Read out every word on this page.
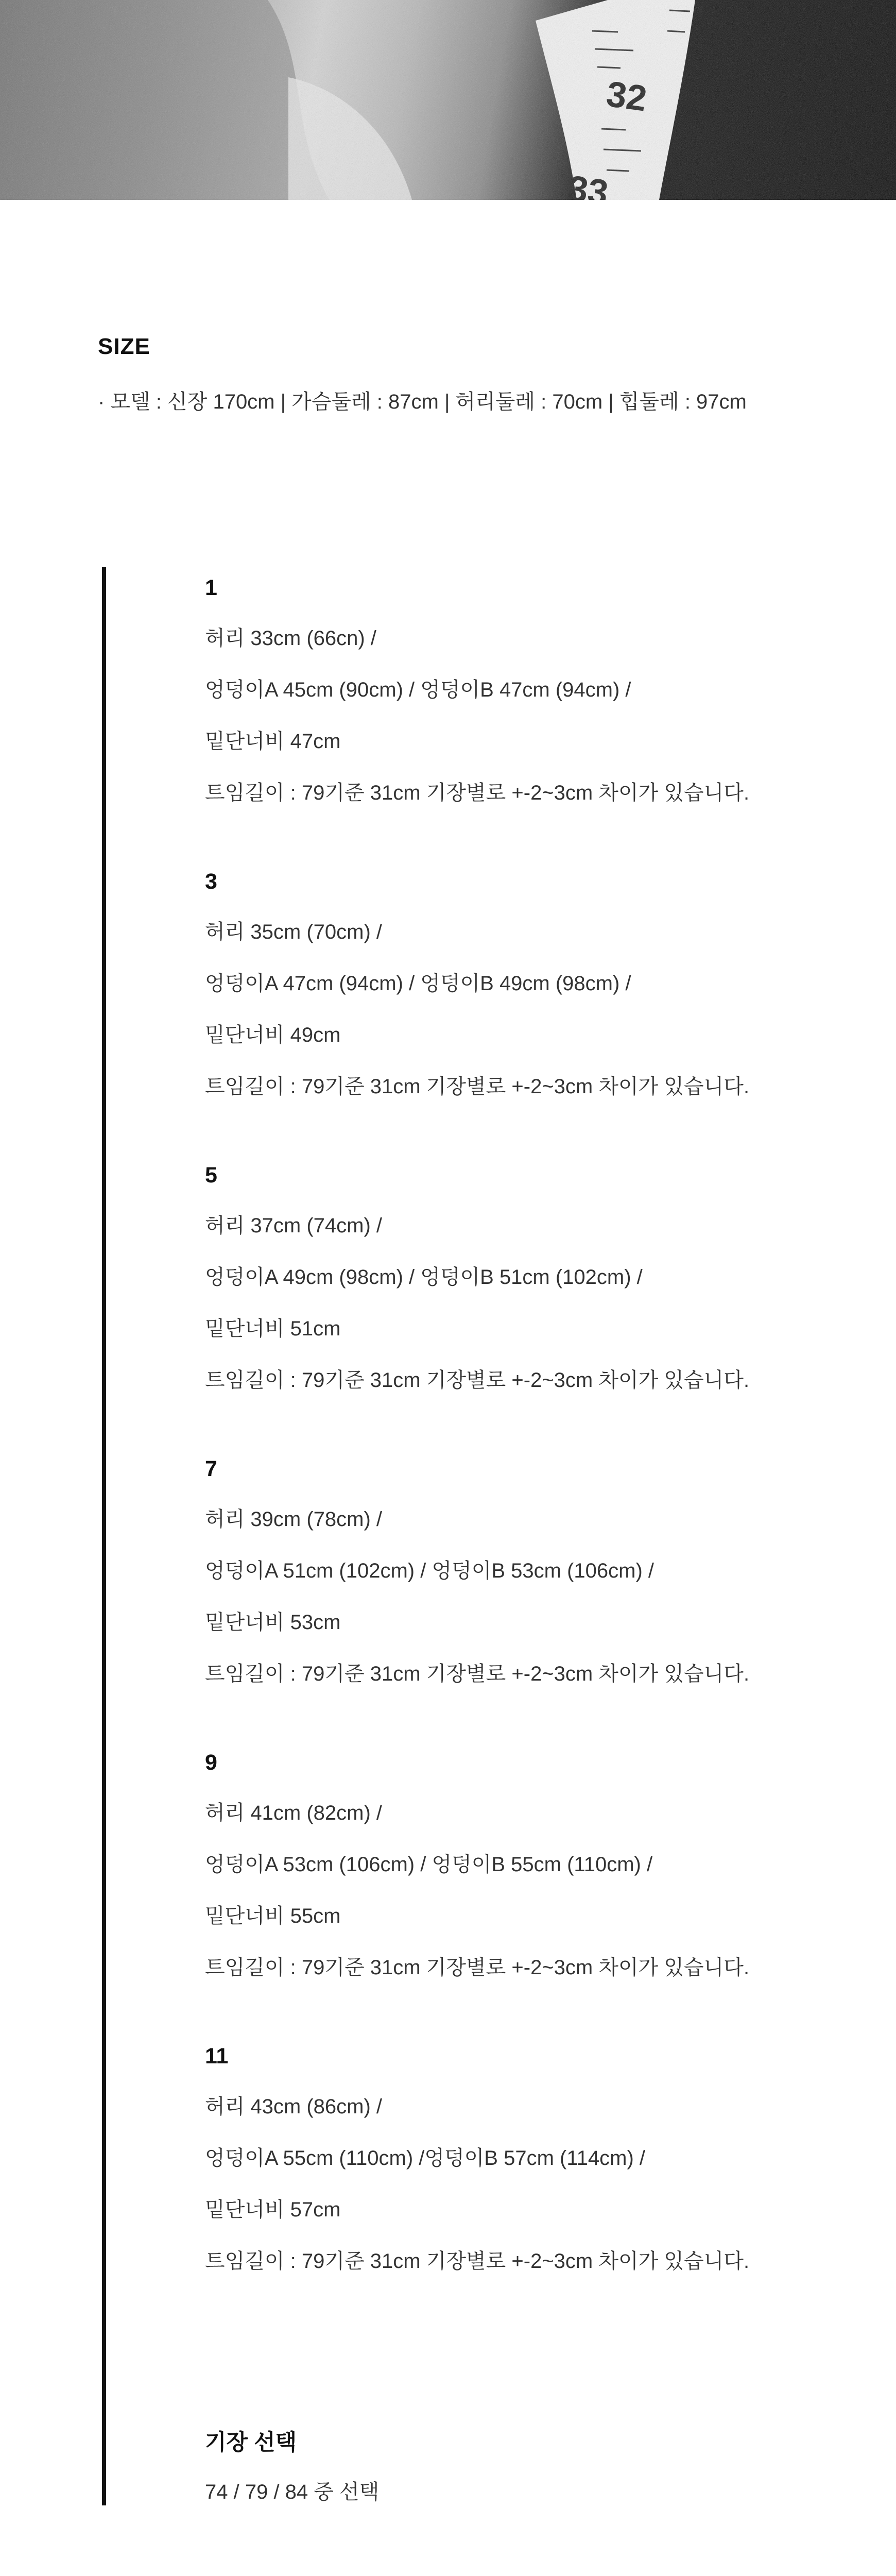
SIZE
· 모델 : 신장 170cm | 가슴둘레 : 87cm | 허리둘레 : 70cm | 힙둘레 : 97cm
1
허리 33cm (66cn) /
엉덩이A 45cm (90cm) / 엉덩이B 47cm (94cm) /
밑단너비 47cm
트임길이 : 79기준 31cm 기장별로 +-2~3cm 차이가 있습니다.
3
허리 35cm (70cm) /
엉덩이A 47cm (94cm) / 엉덩이B 49cm (98cm) /
밑단너비 49cm
트임길이 : 79기준 31cm 기장별로 +-2~3cm 차이가 있습니다.
5
허리 37cm (74cm) /
엉덩이A 49cm (98cm) / 엉덩이B 51cm (102cm) /
밑단너비 51cm
트임길이 : 79기준 31cm 기장별로 +-2~3cm 차이가 있습니다.
7
허리 39cm (78cm) /
엉덩이A 51cm (102cm) / 엉덩이B 53cm (106cm) /
밑단너비 53cm
트임길이 : 79기준 31cm 기장별로 +-2~3cm 차이가 있습니다.
9
허리 41cm (82cm) /
엉덩이A 53cm (106cm) / 엉덩이B 55cm (110cm) /
밑단너비 55cm
트임길이 : 79기준 31cm 기장별로 +-2~3cm 차이가 있습니다.
11
허리 43cm (86cm) /
엉덩이A 55cm (110cm) /엉덩이B 57cm (114cm) /
밑단너비 57cm
트임길이 : 79기준 31cm 기장별로 +-2~3cm 차이가 있습니다.
기장 선택
74 / 79 / 84 중 선택
